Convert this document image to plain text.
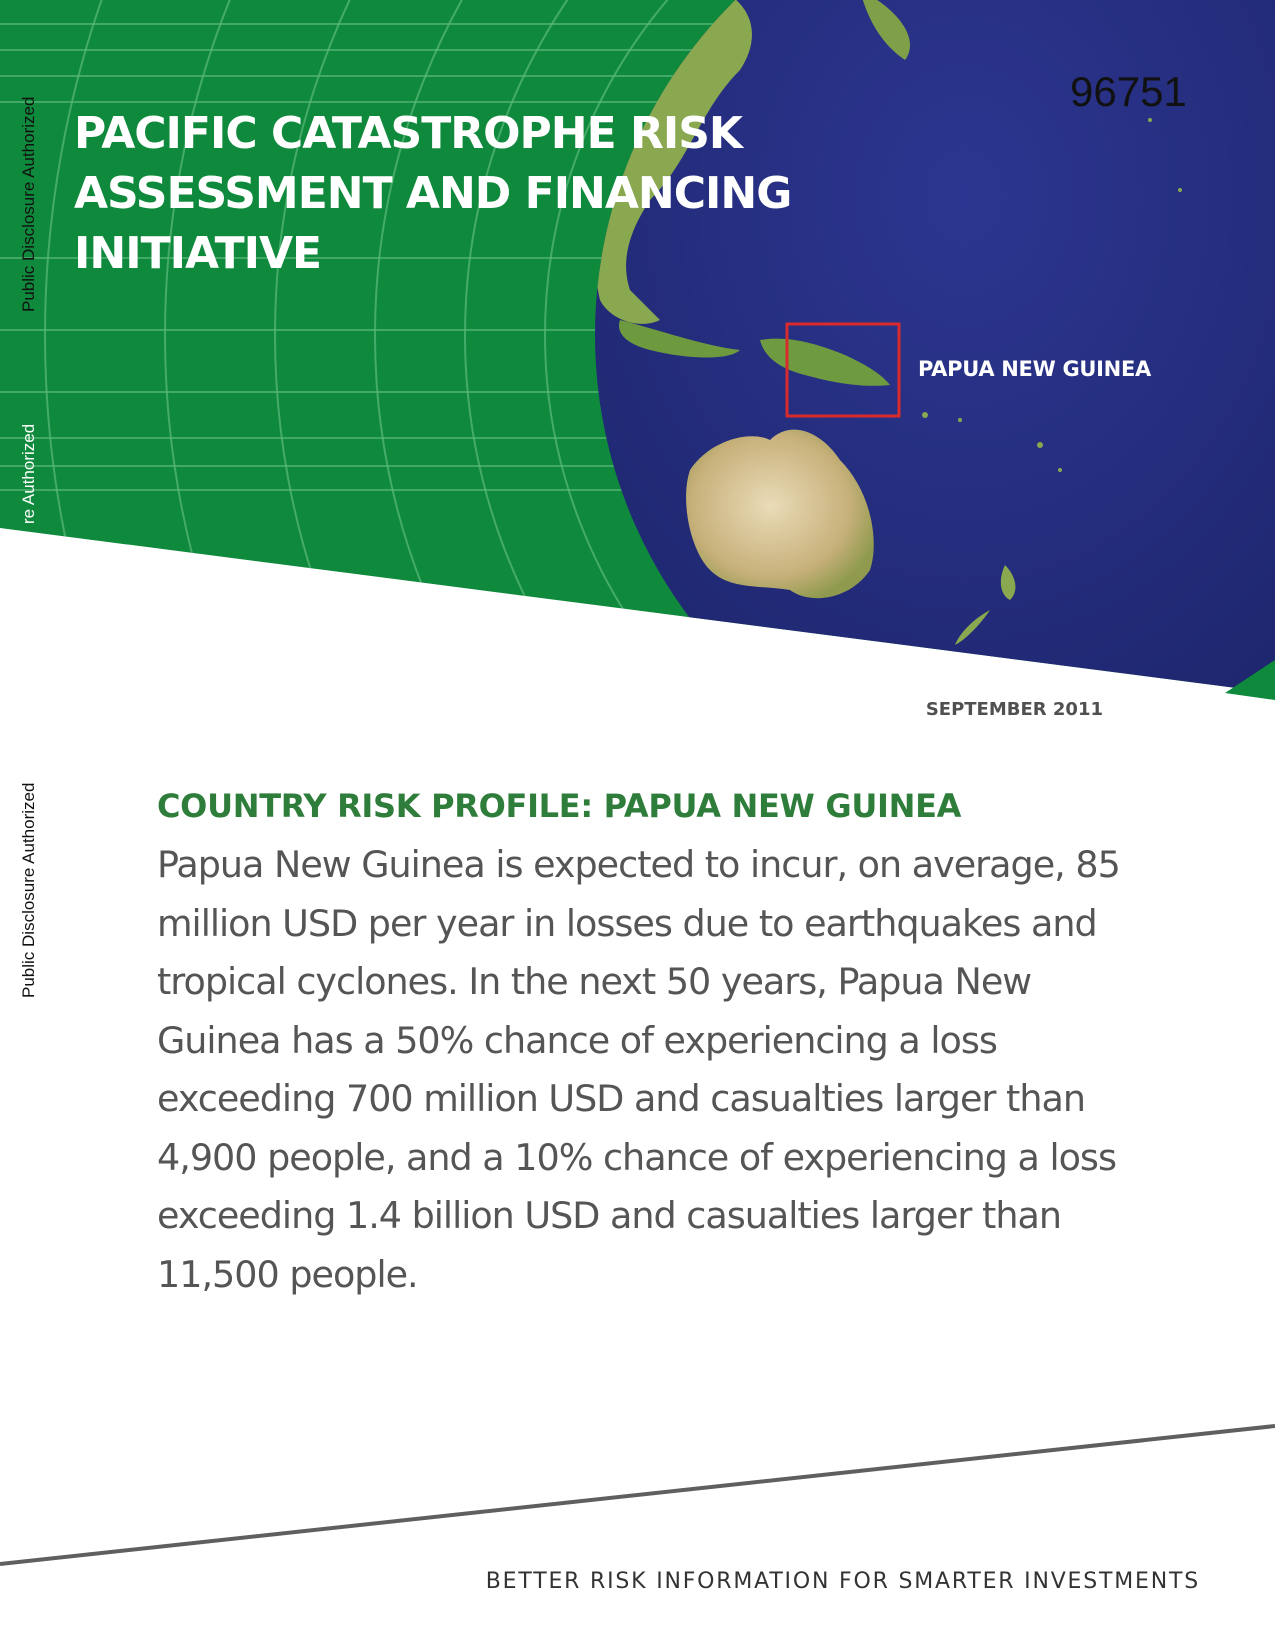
PACIFIC CATASTROPHE RISK
ASSESSMENT AND FINANCING
INITIATIVE
96751
PAPUA NEW GUINEA
Public Disclosure Authorized
re Authorized
Public Disclosure Authorized
SEPTEMBER 2011
COUNTRY RISK PROFILE: PAPUA NEW GUINEA
Papua New Guinea is expected to incur, on average, 85 million USD per year in losses due to earthquakes and tropical cyclones. In the next 50 years, Papua New Guinea has a 50% chance of experiencing a loss exceeding 700 million USD and casualties larger than 4,900 people, and a 10% chance of experiencing a loss exceeding 1.4 billion USD and casualties larger than 11,500 people.
BETTER RISK INFORMATION FOR SMARTER INVESTMENTS
